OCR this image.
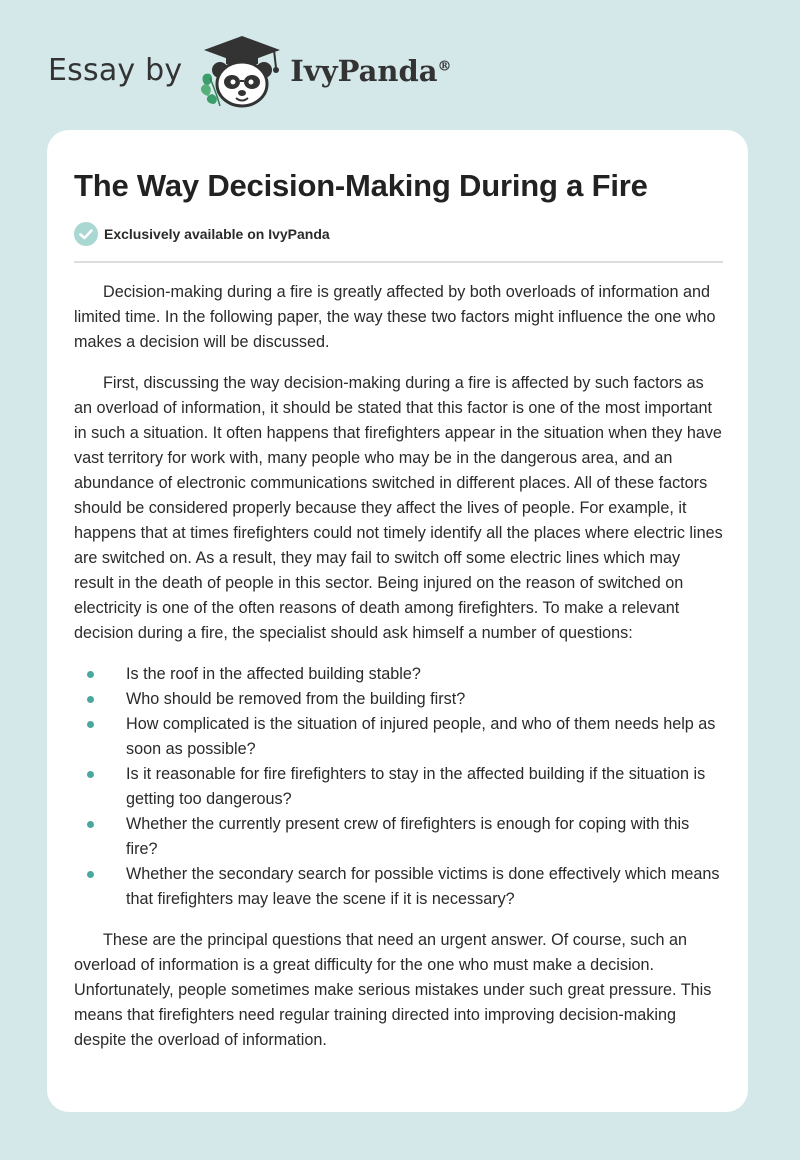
Essay by	IvyPanda®
The Way Decision-Making During a Fire
Exclusively available on IvyPanda

Decision-making during a fire is greatly affected by both overloads of information and limited time. In the following paper, the way these two factors might influence the one who makes a decision will be discussed.

First, discussing the way decision-making during a fire is affected by such factors as an overload of information, it should be stated that this factor is one of the most important in such a situation. It often happens that firefighters appear in the situation when they have vast territory for work with, many people who may be in the dangerous area, and an abundance of electronic communications switched in different places. All of these factors should be considered properly because they affect the lives of people. For example, it happens that at times firefighters could not timely identify all the places where electric lines are switched on. As a result, they may fail to switch off some electric lines which may result in the death of people in this sector. Being injured on the reason of switched on electricity is one of the often reasons of death among firefighters. To make a relevant decision during a fire, the specialist should ask himself a number of questions:

Is the roof in the affected building stable?
Who should be removed from the building first?
How complicated is the situation of injured people, and who of them needs help as soon as possible?
Is it reasonable for fire firefighters to stay in the affected building if the situation is getting too dangerous?
Whether the currently present crew of firefighters is enough for coping with this fire?
Whether the secondary search for possible victims is done effectively which means that firefighters may leave the scene if it is necessary?

These are the principal questions that need an urgent answer. Of course, such an overload of information is a great difficulty for the one who must make a decision. Unfortunately, people sometimes make serious mistakes under such great pressure. This means that firefighters need regular training directed into improving decision-making despite the overload of information.
